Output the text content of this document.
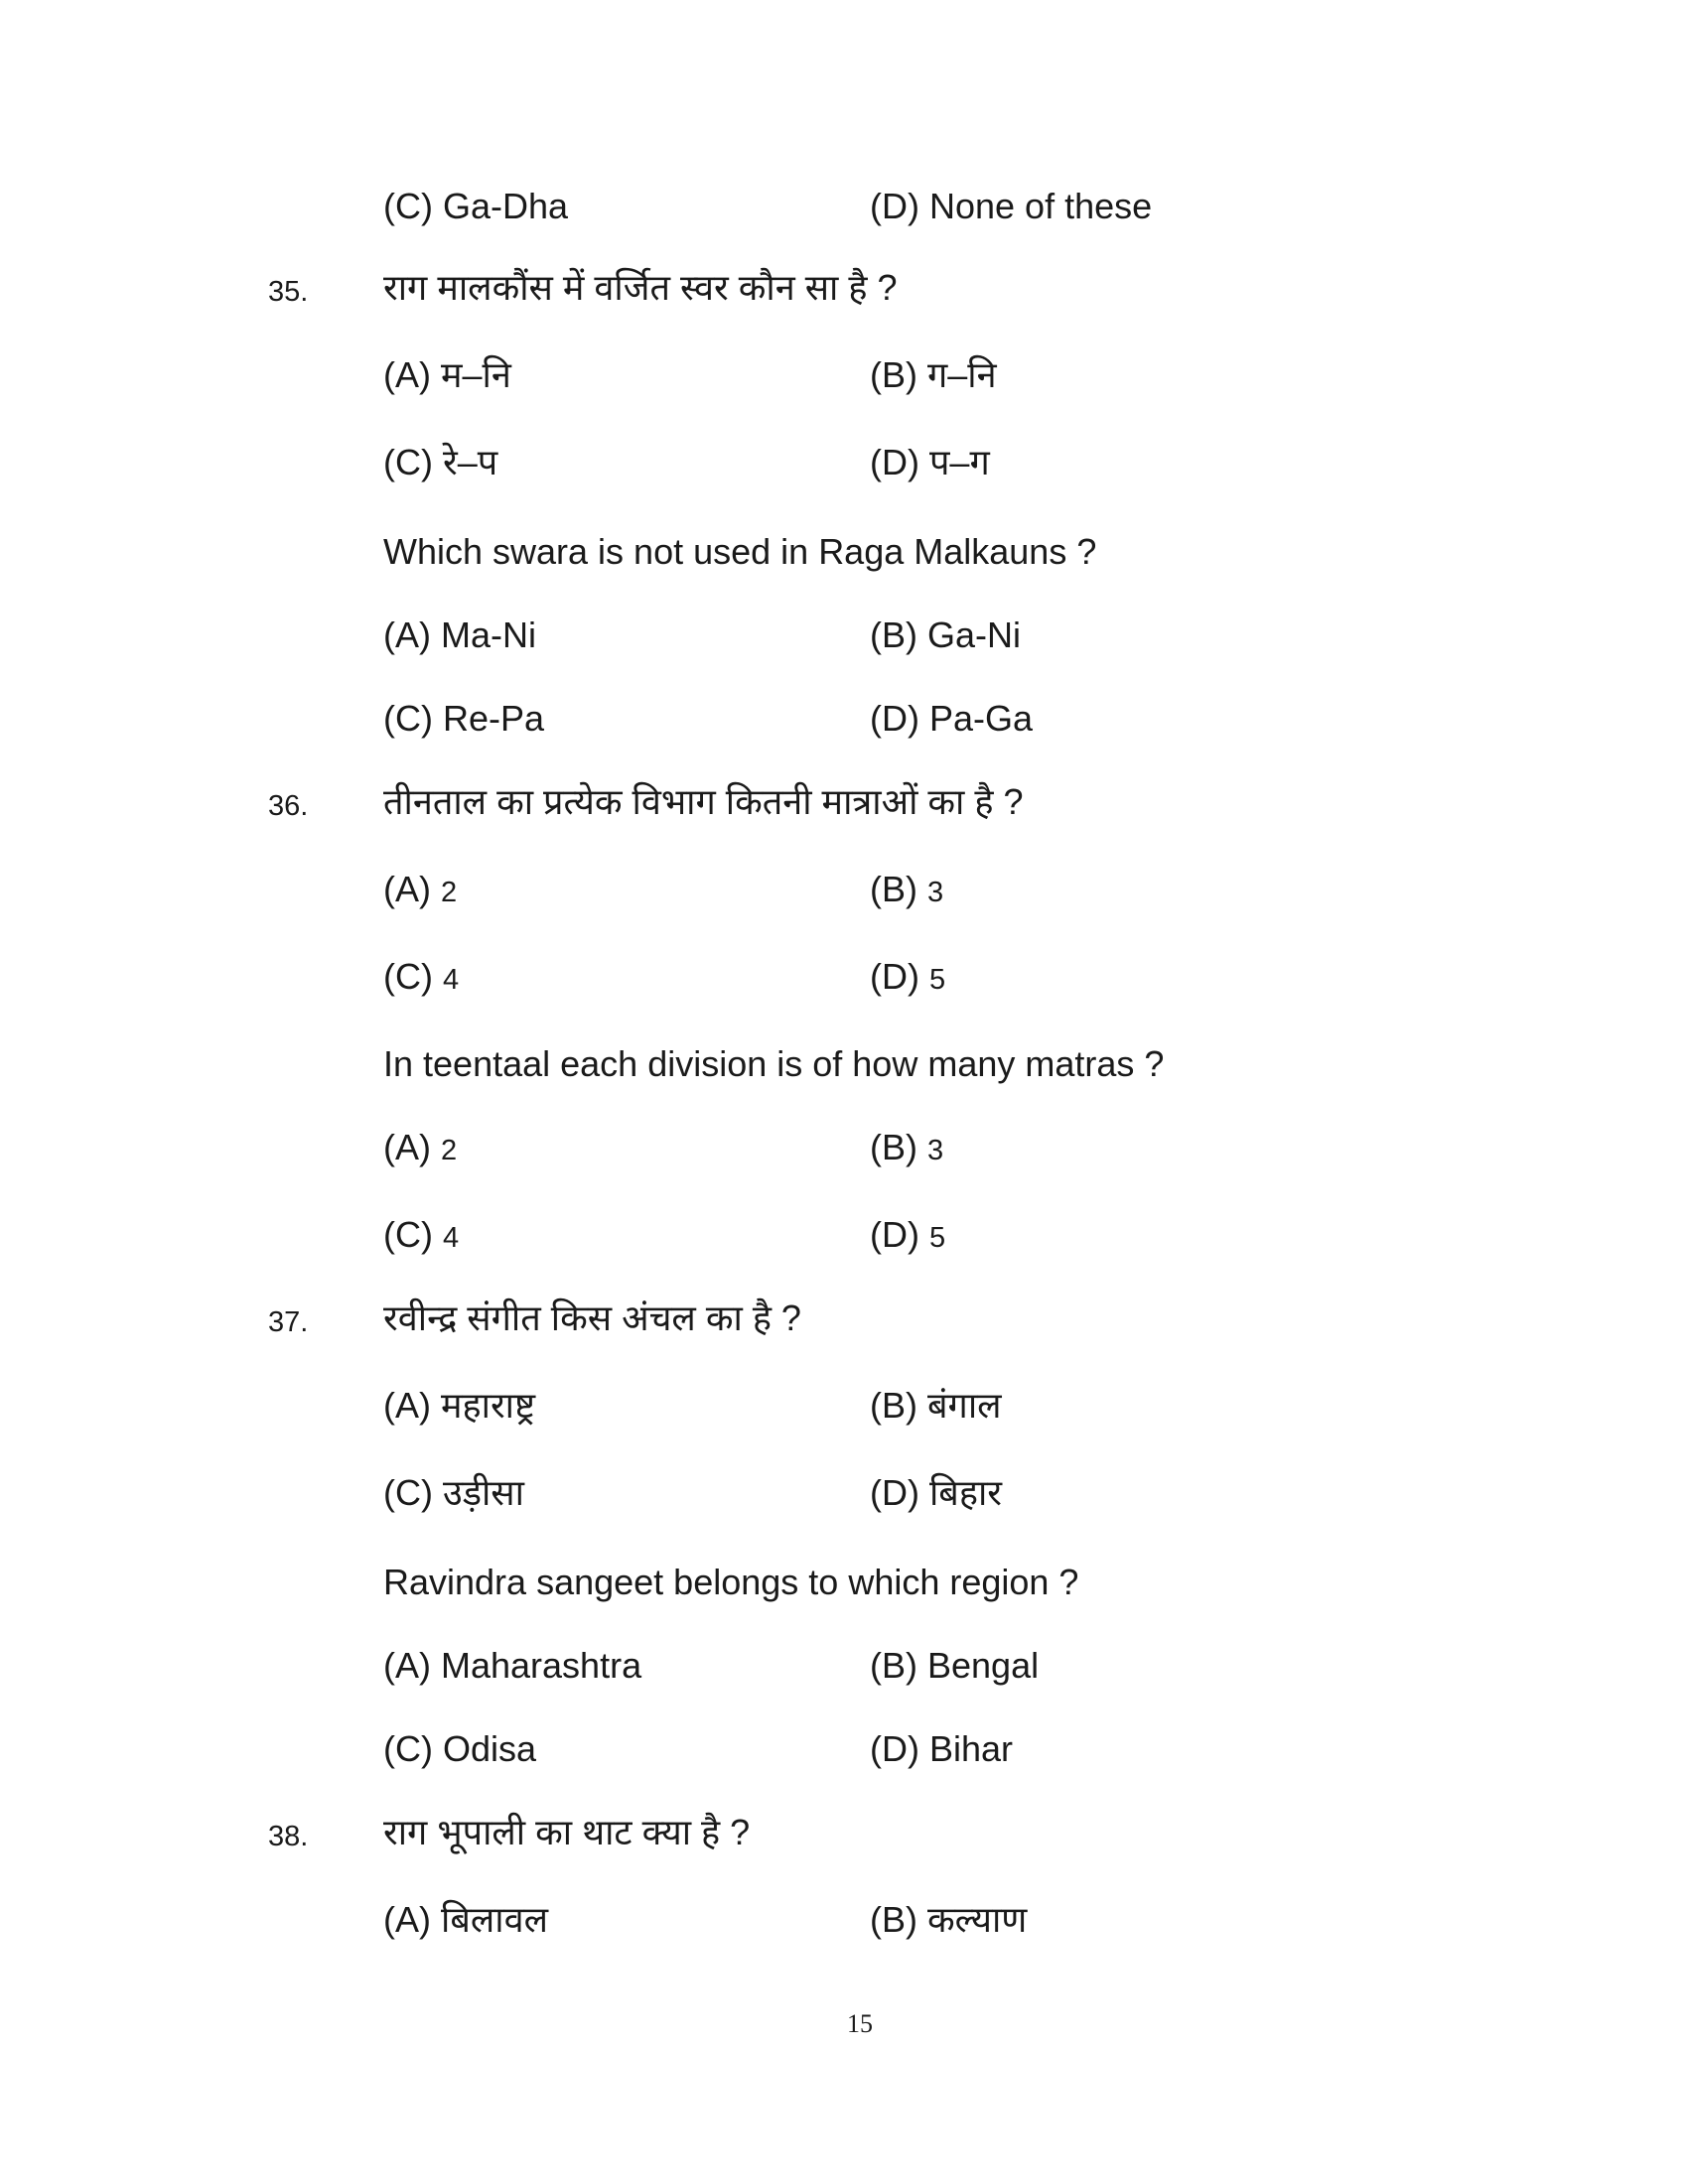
(C) Ga-Dha	(D) None of these
35. राग मालकौंस में वर्जित स्वर कौन सा है ?
(A) म–नि	(B) ग–नि
(C) रे–प	(D) प–ग
Which swara is not used in Raga Malkauns ?
(A) Ma-Ni	(B) Ga-Ni
(C) Re-Pa	(D) Pa-Ga
36. तीनताल का प्रत्येक विभाग कितनी मात्राओं का है ?
(A) 2	(B) 3
(C) 4	(D) 5
In teentaal each division is of how many matras ?
(A) 2	(B) 3
(C) 4	(D) 5
37. रवीन्द्र संगीत किस अंचल का है ?
(A) महाराष्ट्र	(B) बंगाल
(C) उड़ीसा	(D) बिहार
Ravindra sangeet belongs to which region ?
(A) Maharashtra	(B) Bengal
(C) Odisa	(D) Bihar
38. राग भूपाली का थाट क्या है ?
(A) बिलावल	(B) कल्याण
15
